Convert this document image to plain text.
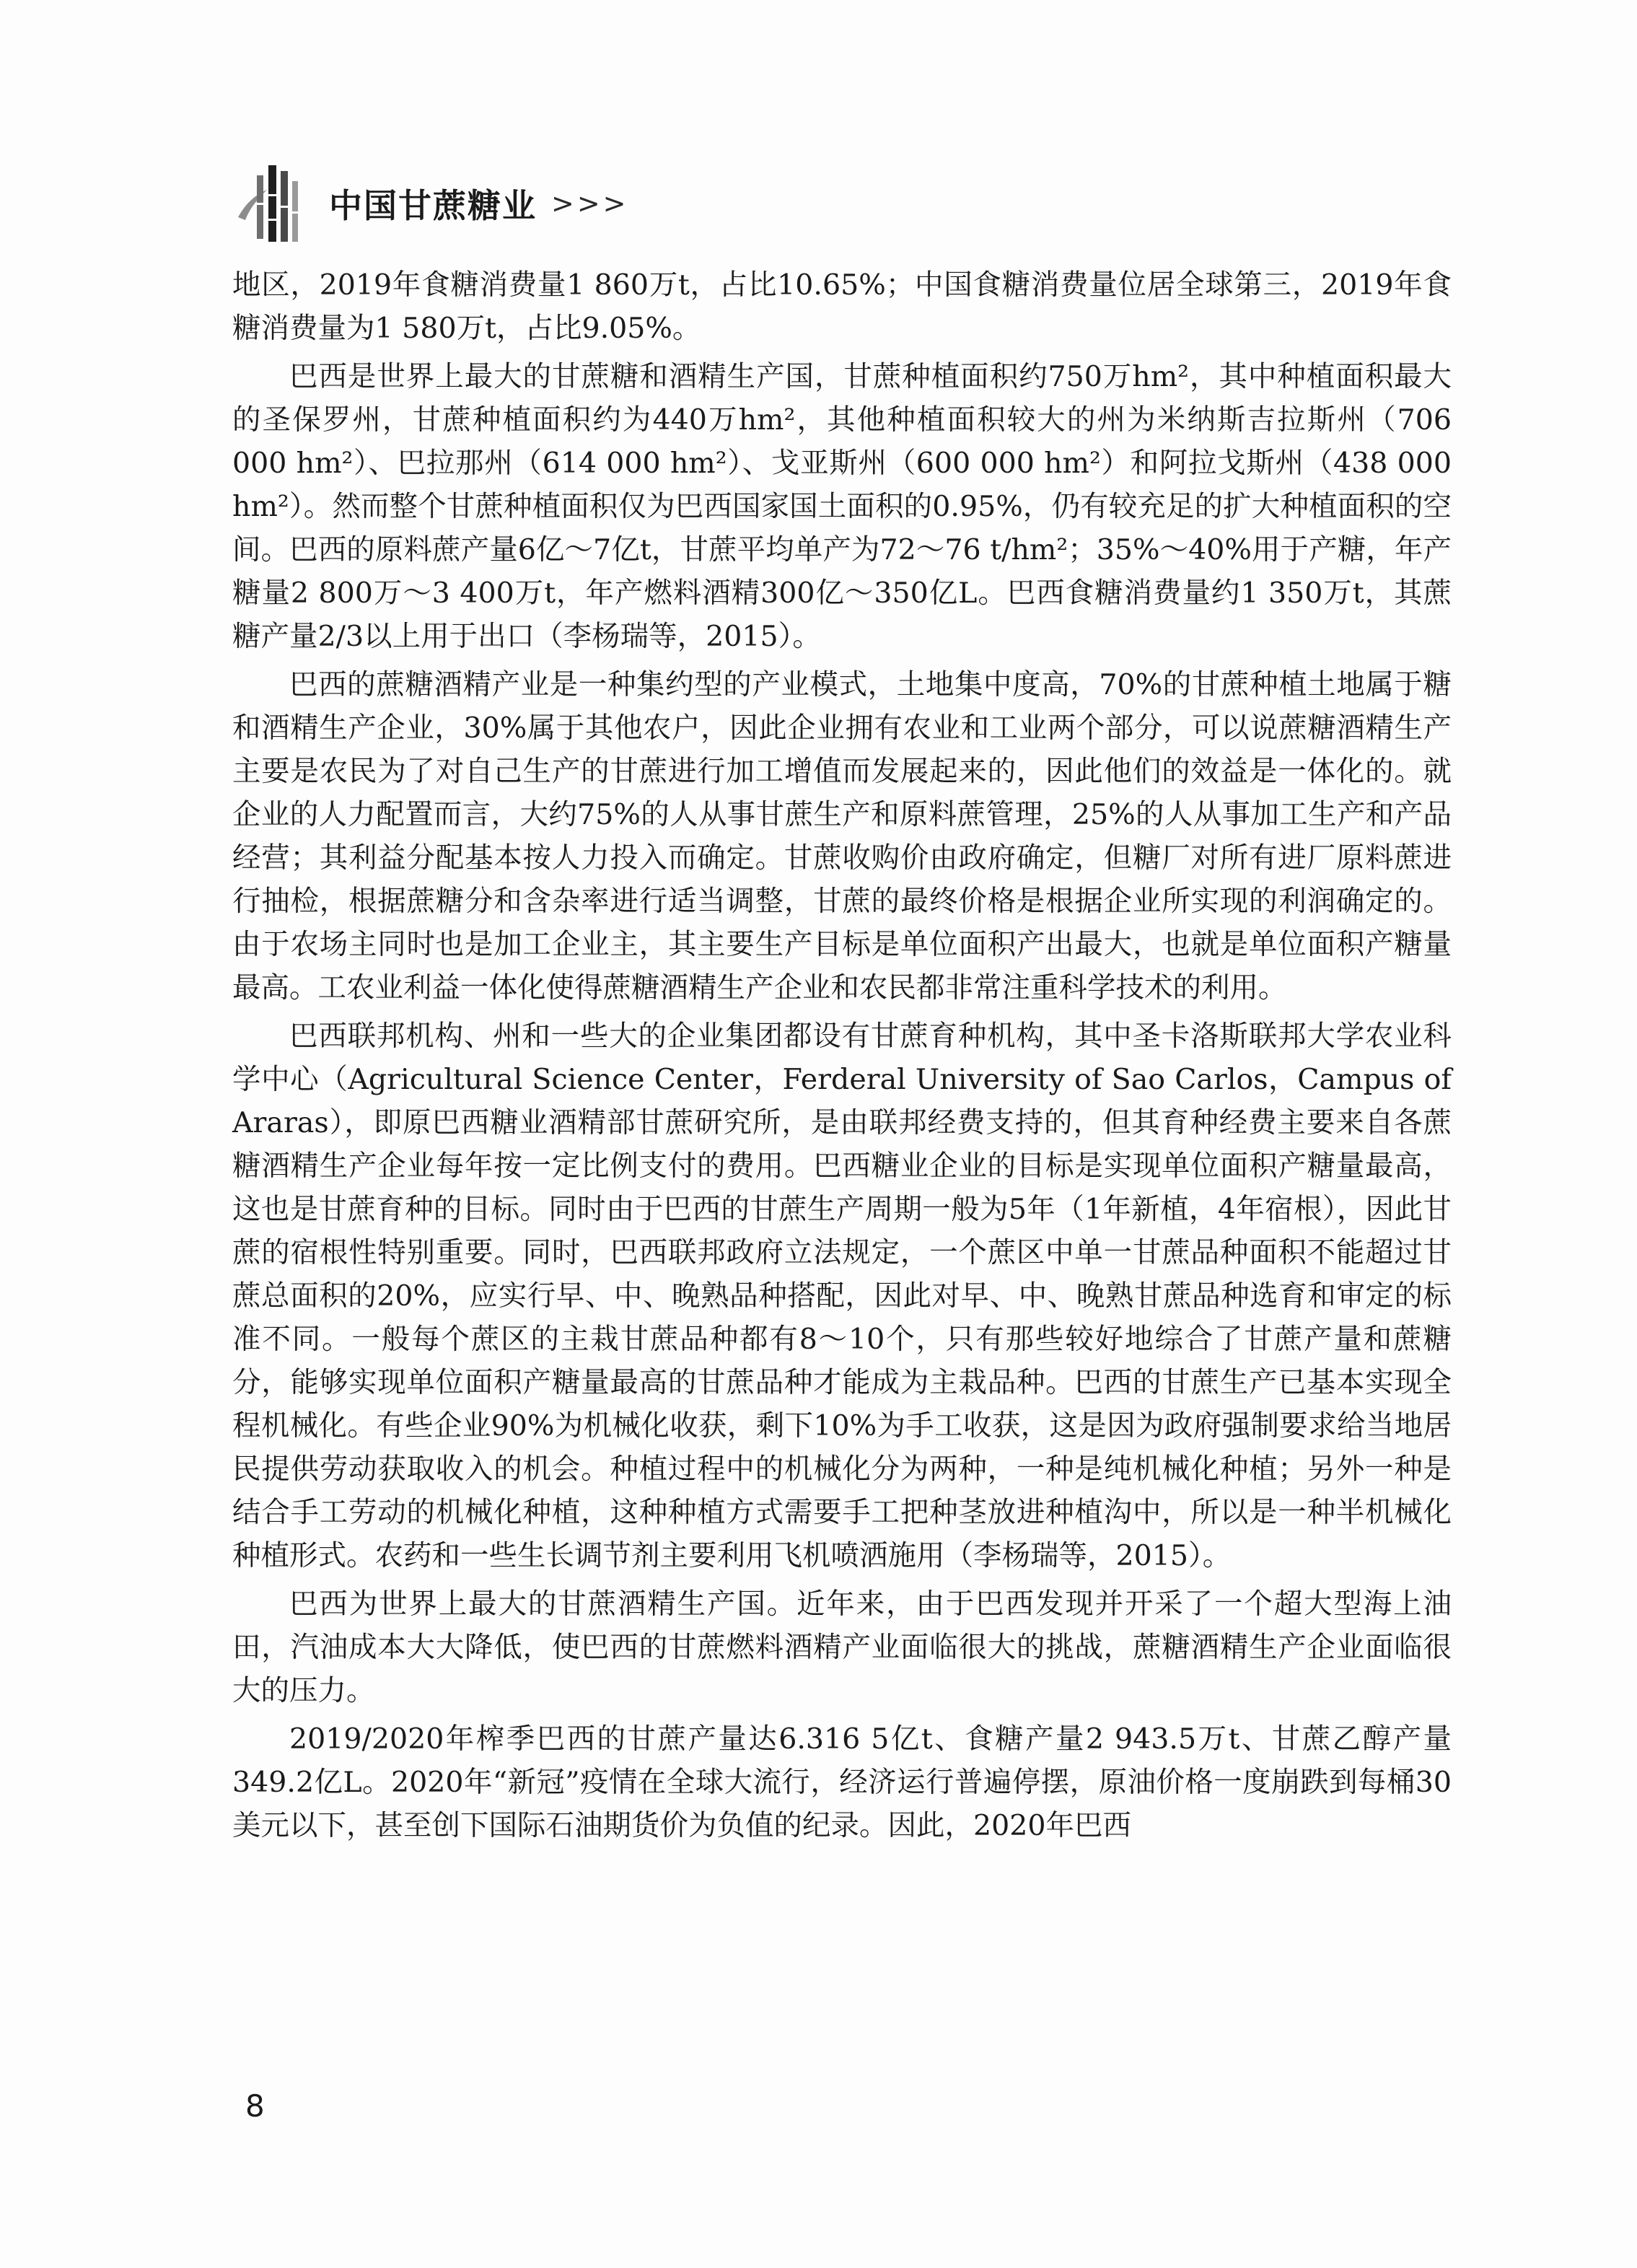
中国甘蔗糖业 >>>

地区，2019年食糖消费量1 860万t，占比10.65%；中国食糖消费量位居全球第三，2019年食糖消费量为1 580万t，占比9.05%。

巴西是世界上最大的甘蔗糖和酒精生产国，甘蔗种植面积约750万hm²，其中种植面积最大的圣保罗州，甘蔗种植面积约为440万hm²，其他种植面积较大的州为米纳斯吉拉斯州（706 000 hm²）、巴拉那州（614 000 hm²）、戈亚斯州（600 000 hm²）和阿拉戈斯州（438 000 hm²）。然而整个甘蔗种植面积仅为巴西国家国土面积的0.95%，仍有较充足的扩大种植面积的空间。巴西的原料蔗产量6亿～7亿t，甘蔗平均单产为72～76 t/hm²；35%～40%用于产糖，年产糖量2 800万～3 400万t，年产燃料酒精300亿～350亿L。巴西食糖消费量约1 350万t，其蔗糖产量2/3以上用于出口（李杨瑞等，2015）。

巴西的蔗糖酒精产业是一种集约型的产业模式，土地集中度高，70%的甘蔗种植土地属于糖和酒精生产企业，30%属于其他农户，因此企业拥有农业和工业两个部分，可以说蔗糖酒精生产主要是农民为了对自己生产的甘蔗进行加工增值而发展起来的，因此他们的效益是一体化的。就企业的人力配置而言，大约75%的人从事甘蔗生产和原料蔗管理，25%的人从事加工生产和产品经营；其利益分配基本按人力投入而确定。甘蔗收购价由政府确定，但糖厂对所有进厂原料蔗进行抽检，根据蔗糖分和含杂率进行适当调整，甘蔗的最终价格是根据企业所实现的利润确定的。由于农场主同时也是加工企业主，其主要生产目标是单位面积产出最大，也就是单位面积产糖量最高。工农业利益一体化使得蔗糖酒精生产企业和农民都非常注重科学技术的利用。

巴西联邦机构、州和一些大的企业集团都设有甘蔗育种机构，其中圣卡洛斯联邦大学农业科学中心（Agricultural Science Center，Ferderal University of Sao Carlos，Campus of Araras），即原巴西糖业酒精部甘蔗研究所，是由联邦经费支持的，但其育种经费主要来自各蔗糖酒精生产企业每年按一定比例支付的费用。巴西糖业企业的目标是实现单位面积产糖量最高，这也是甘蔗育种的目标。同时由于巴西的甘蔗生产周期一般为5年（1年新植，4年宿根），因此甘蔗的宿根性特别重要。同时，巴西联邦政府立法规定，一个蔗区中单一甘蔗品种面积不能超过甘蔗总面积的20%，应实行早、中、晚熟品种搭配，因此对早、中、晚熟甘蔗品种选育和审定的标准不同。一般每个蔗区的主栽甘蔗品种都有8～10个，只有那些较好地综合了甘蔗产量和蔗糖分，能够实现单位面积产糖量最高的甘蔗品种才能成为主栽品种。巴西的甘蔗生产已基本实现全程机械化。有些企业90%为机械化收获，剩下10%为手工收获，这是因为政府强制要求给当地居民提供劳动获取收入的机会。种植过程中的机械化分为两种，一种是纯机械化种植；另外一种是结合手工劳动的机械化种植，这种种植方式需要手工把种茎放进种植沟中，所以是一种半机械化种植形式。农药和一些生长调节剂主要利用飞机喷洒施用（李杨瑞等，2015）。

巴西为世界上最大的甘蔗酒精生产国。近年来，由于巴西发现并开采了一个超大型海上油田，汽油成本大大降低，使巴西的甘蔗燃料酒精产业面临很大的挑战，蔗糖酒精生产企业面临很大的压力。

2019/2020年榨季巴西的甘蔗产量达6.316 5亿t、食糖产量2 943.5万t、甘蔗乙醇产量349.2亿L。2020年“新冠”疫情在全球大流行，经济运行普遍停摆，原油价格一度崩跌到每桶30美元以下，甚至创下国际石油期货价为负值的纪录。因此，2020年巴西

8
